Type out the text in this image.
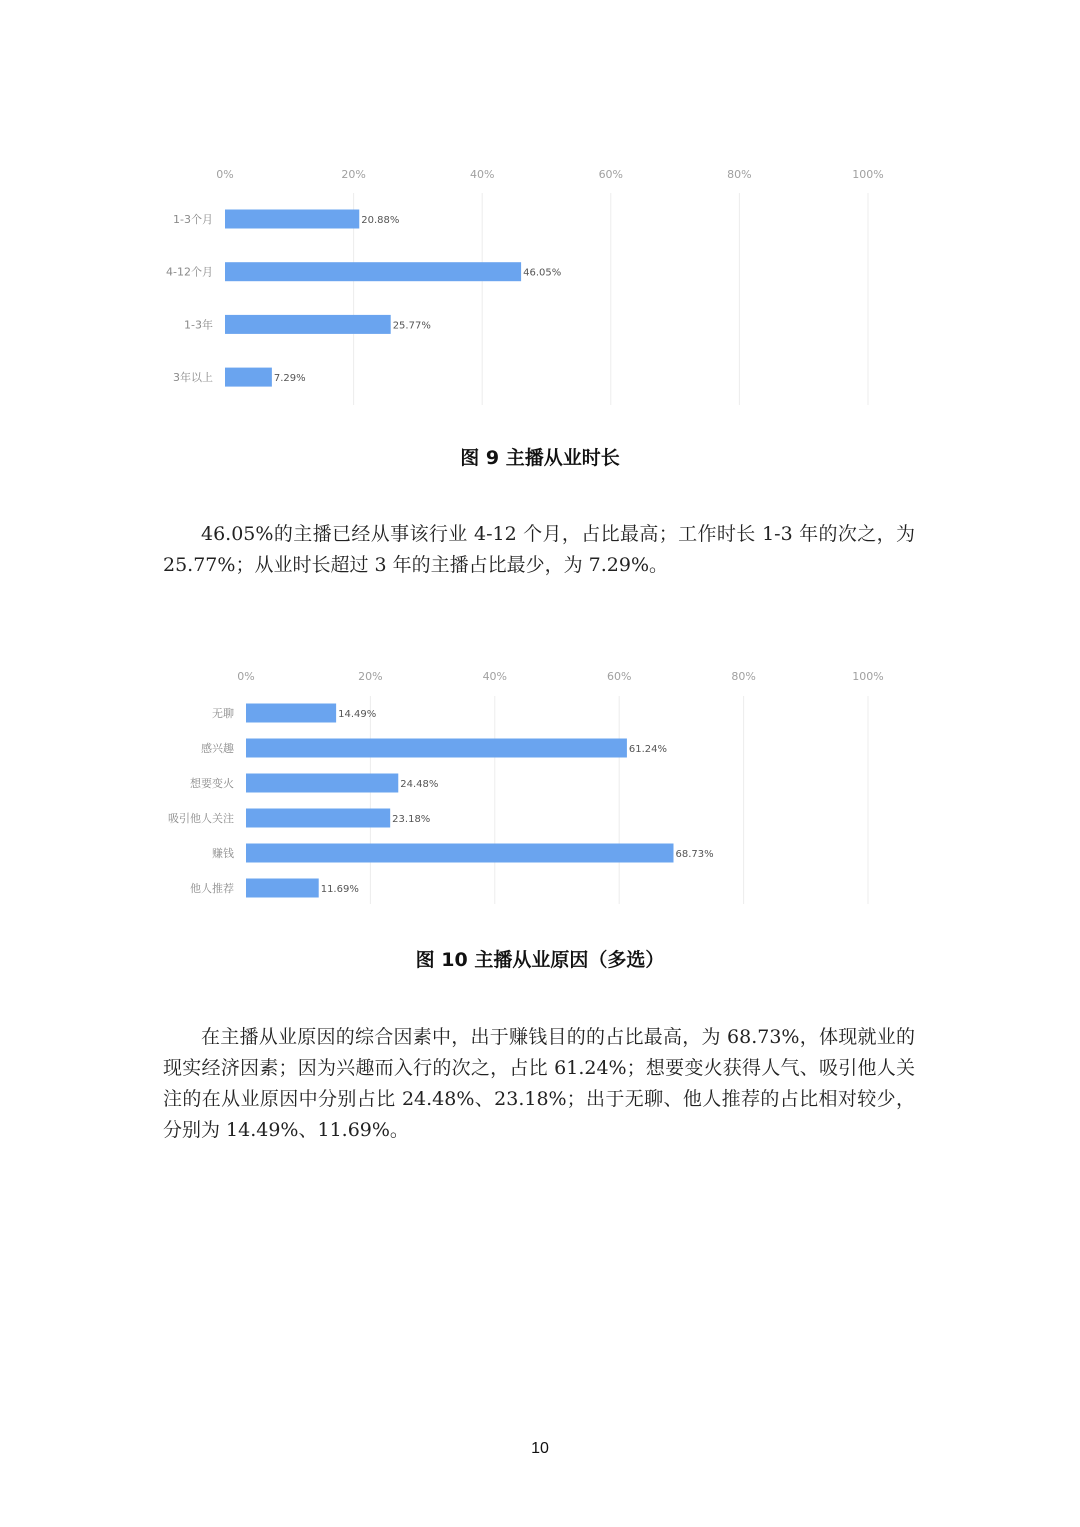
0%	20%	40%	60%	80%	100%
1-3个月	20.88%
4-12个月	46.05%
1-3年	25.77%
3年以上	7.29%
图 9 主播从业时长

46.05%的主播已经从事该行业 4-12 个月，占比最高；工作时长 1-3 年的次之，为 25.77%；从业时长超过 3 年的主播占比最少，为 7.29%。

0%	20%	40%	60%	80%	100%
无聊	14.49%
感兴趣	61.24%
想要变火	24.48%
吸引他人关注	23.18%
赚钱	68.73%
他人推荐	11.69%
图 10 主播从业原因（多选）

在主播从业原因的综合因素中，出于赚钱目的的占比最高，为 68.73%，体现就业的现实经济因素；因为兴趣而入行的次之，占比 61.24%；想要变火获得人气、吸引他人关注的在从业原因中分别占比 24.48%、23.18%；出于无聊、他人推荐的占比相对较少，分别为 14.49%、11.69%。

10
